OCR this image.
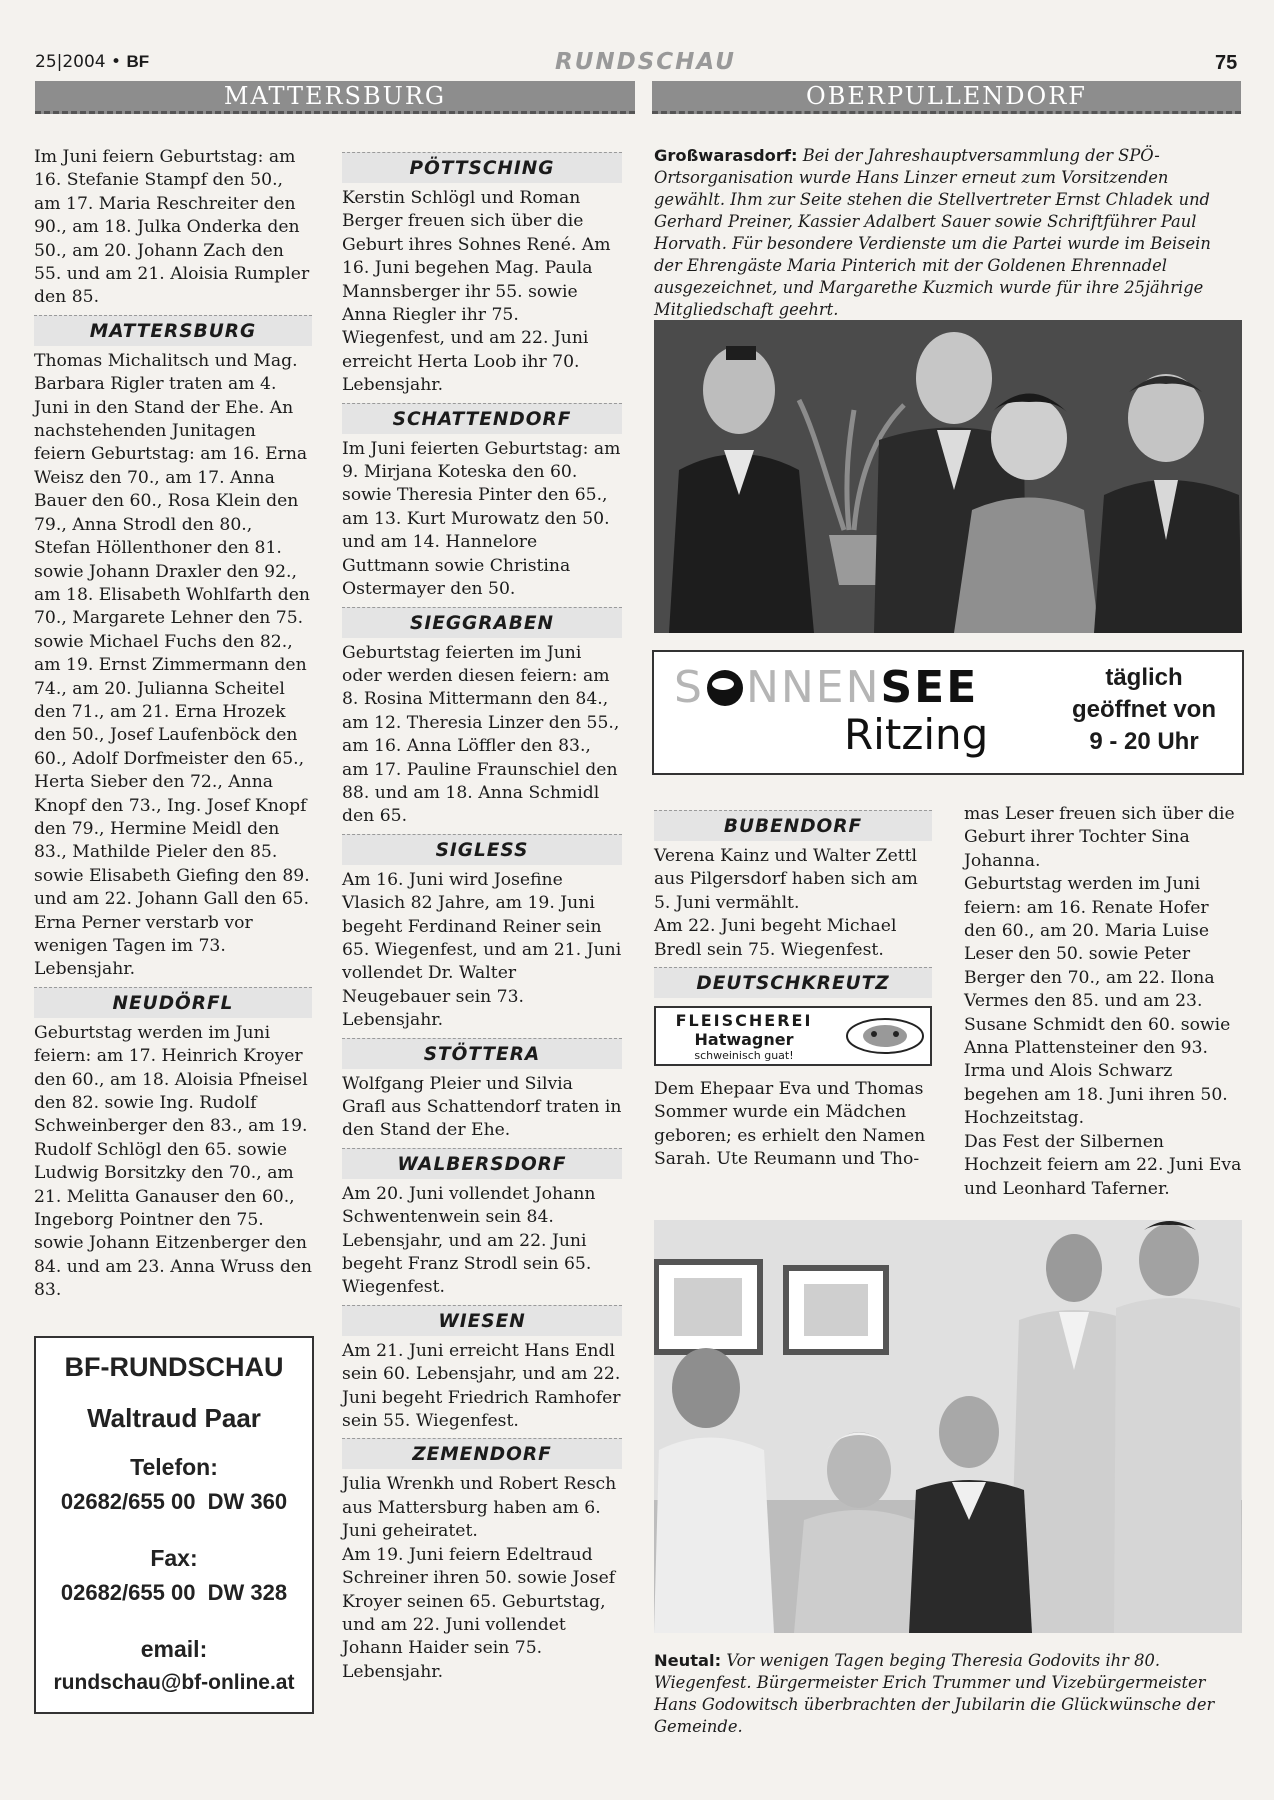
25|2004 • BF	RUNDSCHAU	75
MATTERSBURG	OBERPULLENDORF

Im Juni feiern Geburtstag: am 16. Stefanie Stampf den 50., am 17. Maria Reschreiter den 90., am 18. Julka Onderka den 50., am 20. Johann Zach den 55. und am 21. Aloisia Rumpler den 85.

MATTERSBURG

Thomas Michalitsch und Mag. Barbara Rigler traten am 4. Juni in den Stand der Ehe. An nachstehenden Junitagen feiern Geburtstag: am 16. Erna Weisz den 70., am 17. Anna Bauer den 60., Rosa Klein den 79., Anna Strodl den 80., Stefan Höllenthoner den 81. sowie Johann Draxler den 92., am 18. Elisabeth Wohlfarth den 70., Margarete Lehner den 75. sowie Michael Fuchs den 82., am 19. Ernst Zimmermann den 74., am 20. Julianna Scheitel den 71., am 21. Erna Hrozek den 50., Josef Laufenböck den 60., Adolf Dorfmeister den 65., Herta Sieber den 72., Anna Knopf den 73., Ing. Josef Knopf den 79., Hermine Meidl den 83., Mathilde Pieler den 85. sowie Elisabeth Giefing den 89. und am 22. Johann Gall den 65.

Erna Perner verstarb vor wenigen Tagen im 73. Lebensjahr.

NEUDÖRFL

Geburtstag werden im Juni feiern: am 17. Heinrich Kroyer den 60., am 18. Aloisia Pfneisel den 82. sowie Ing. Rudolf Schweinberger den 83., am 19. Rudolf Schlögl den 65. sowie Ludwig Borsitzky den 70., am 21. Melitta Ganauser den 60., Ingeborg Pointner den 75. sowie Johann Eitzenberger den 84. und am 23. Anna Wruss den 83.

BF-RUNDSCHAU
Waltraud Paar
Telefon:
02682/655 00  DW 360
Fax:
02682/655 00  DW 328
email:
rundschau@bf-online.at
PÖTTSCHING

Kerstin Schlögl und Roman Berger freuen sich über die Geburt ihres Sohnes René. Am 16. Juni begehen Mag. Paula Mannsberger ihr 55. sowie Anna Riegler ihr 75. Wiegenfest, und am 22. Juni erreicht Herta Loob ihr 70. Lebensjahr.

SCHATTENDORF

Im Juni feierten Geburtstag: am 9. Mirjana Koteska den 60. sowie Theresia Pinter den 65., am 13. Kurt Murowatz den 50. und am 14. Hannelore Guttmann sowie Christina Ostermayer den 50.

SIEGGRABEN

Geburtstag feierten im Juni oder werden diesen feiern: am 8. Rosina Mittermann den 84., am 12. Theresia Linzer den 55., am 16. Anna Löffler den 83., am 17. Pauline Fraunschiel den 88. und am 18. Anna Schmidl den 65.

SIGLESS

Am 16. Juni wird Josefine Vlasich 82 Jahre, am 19. Juni begeht Ferdinand Reiner sein 65. Wiegenfest, und am 21. Juni vollendet Dr. Walter Neugebauer sein 73. Lebensjahr.

STÖTTERA

Wolfgang Pleier und Silvia Grafl aus Schattendorf traten in den Stand der Ehe.

WALBERSDORF

Am 20. Juni vollendet Johann Schwentenwein sein 84. Lebensjahr, und am 22. Juni begeht Franz Strodl sein 65. Wiegenfest.

WIESEN

Am 21. Juni erreicht Hans Endl sein 60. Lebensjahr, und am 22. Juni begeht Friedrich Ramhofer sein 55. Wiegenfest.

ZEMENDORF

Julia Wrenkh und Robert Resch aus Mattersburg haben am 6. Juni geheiratet.

Am 19. Juni feiern Edeltraud Schreiner ihren 50. sowie Josef Kroyer seinen 65. Geburtstag, und am 22. Juni vollendet Johann Haider sein 75. Lebensjahr.

Großwarasdorf: Bei der Jahreshauptversammlung der SPÖ-Ortsorganisation wurde Hans Linzer erneut zum Vorsitzenden gewählt. Ihm zur Seite stehen die Stellvertreter Ernst Chladek und Gerhard Preiner, Kassier Adalbert Sauer sowie Schriftführer Paul Horvath. Für besondere Verdienste um die Partei wurde im Beisein der Ehrengäste Maria Pinterich mit der Goldenen Ehrennadel ausgezeichnet, und Margarethe Kuzmich wurde für ihre 25jährige Mitgliedschaft geehrt.
S NNENSEE
Ritzing
täglich
geöffnet von
9 - 20 Uhr
BUBENDORF

Verena Kainz und Walter Zettl aus Pilgersdorf haben sich am 5. Juni vermählt.

Am 22. Juni begeht Michael Bredl sein 75. Wiegenfest.

DEUTSCHKREUTZ
FLEISCHEREI
Hatwagner
schweinisch guat!

Dem Ehepaar Eva und Thomas Sommer wurde ein Mädchen geboren; es erhielt den Namen Sarah. Ute Reumann und Tho-

mas Leser freuen sich über die Geburt ihrer Tochter Sina Johanna.

Geburtstag werden im Juni feiern: am 16. Renate Hofer den 60., am 20. Maria Luise Leser den 50. sowie Peter Berger den 70., am 22. Ilona Vermes den 85. und am 23. Susane Schmidt den 60. sowie Anna Plattensteiner den 93. Irma und Alois Schwarz begehen am 18. Juni ihren 50. Hochzeitstag.

Das Fest der Silbernen Hochzeit feiern am 22. Juni Eva und Leonhard Taferner.

Neutal: Vor wenigen Tagen beging Theresia Godovits ihr 80. Wiegenfest. Bürgermeister Erich Trummer und Vizebürgermeister Hans Godowitsch überbrachten der Jubilarin die Glückwünsche der Gemeinde.
